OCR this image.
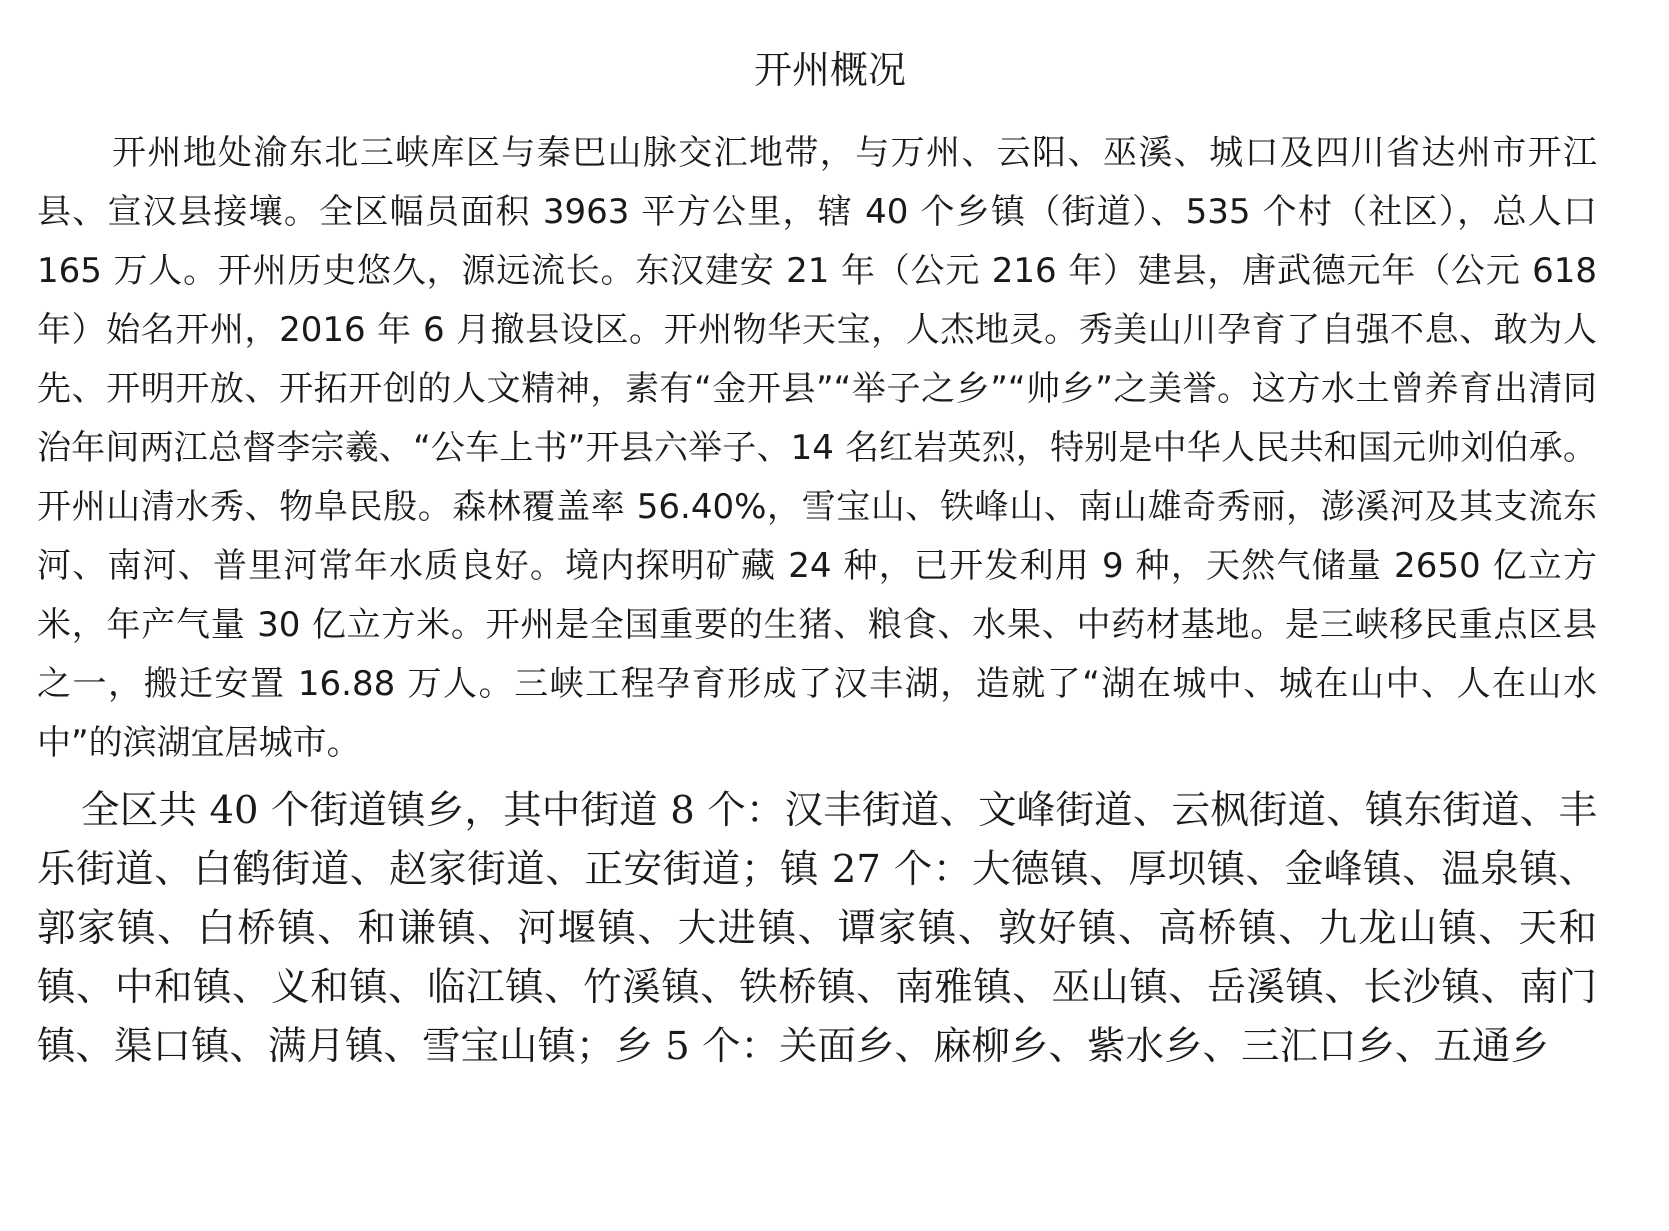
开州概况

开州地处渝东北三峡库区与秦巴山脉交汇地带，与万州、云阳、巫溪、城口及四川省达州市开江县、宣汉县接壤。全区幅员面积 3963 平方公里，辖 40 个乡镇（街道）、535 个村（社区），总人口 165 万人。开州历史悠久，源远流长。东汉建安 21 年（公元 216 年）建县，唐武德元年（公元 618 年）始名开州，2016 年 6 月撤县设区。开州物华天宝，人杰地灵。秀美山川孕育了自强不息、敢为人先、开明开放、开拓开创的人文精神，素有“金开县”“举子之乡”“帅乡”之美誉。这方水土曾养育出清同治年间两江总督李宗羲、“公车上书”开县六举子、14 名红岩英烈，特别是中华人民共和国元帅刘伯承。开州山清水秀、物阜民殷。森林覆盖率 56.40%，雪宝山、铁峰山、南山雄奇秀丽，澎溪河及其支流东河、南河、普里河常年水质良好。境内探明矿藏 24 种，已开发利用 9 种，天然气储量 2650 亿立方米，年产气量 30 亿立方米。开州是全国重要的生猪、粮食、水果、中药材基地。是三峡移民重点区县之一，搬迁安置 16.88 万人。三峡工程孕育形成了汉丰湖，造就了“湖在城中、城在山中、人在山水中”的滨湖宜居城市。

全区共 40 个街道镇乡，其中街道 8 个：汉丰街道、文峰街道、云枫街道、镇东街道、丰乐街道、白鹤街道、赵家街道、正安街道；镇 27 个：大德镇、厚坝镇、金峰镇、温泉镇、郭家镇、白桥镇、和谦镇、河堰镇、大进镇、谭家镇、敦好镇、高桥镇、九龙山镇、天和镇、中和镇、义和镇、临江镇、竹溪镇、铁桥镇、南雅镇、巫山镇、岳溪镇、长沙镇、南门镇、渠口镇、满月镇、雪宝山镇；乡 5 个：关面乡、麻柳乡、紫水乡、三汇口乡、五通乡
